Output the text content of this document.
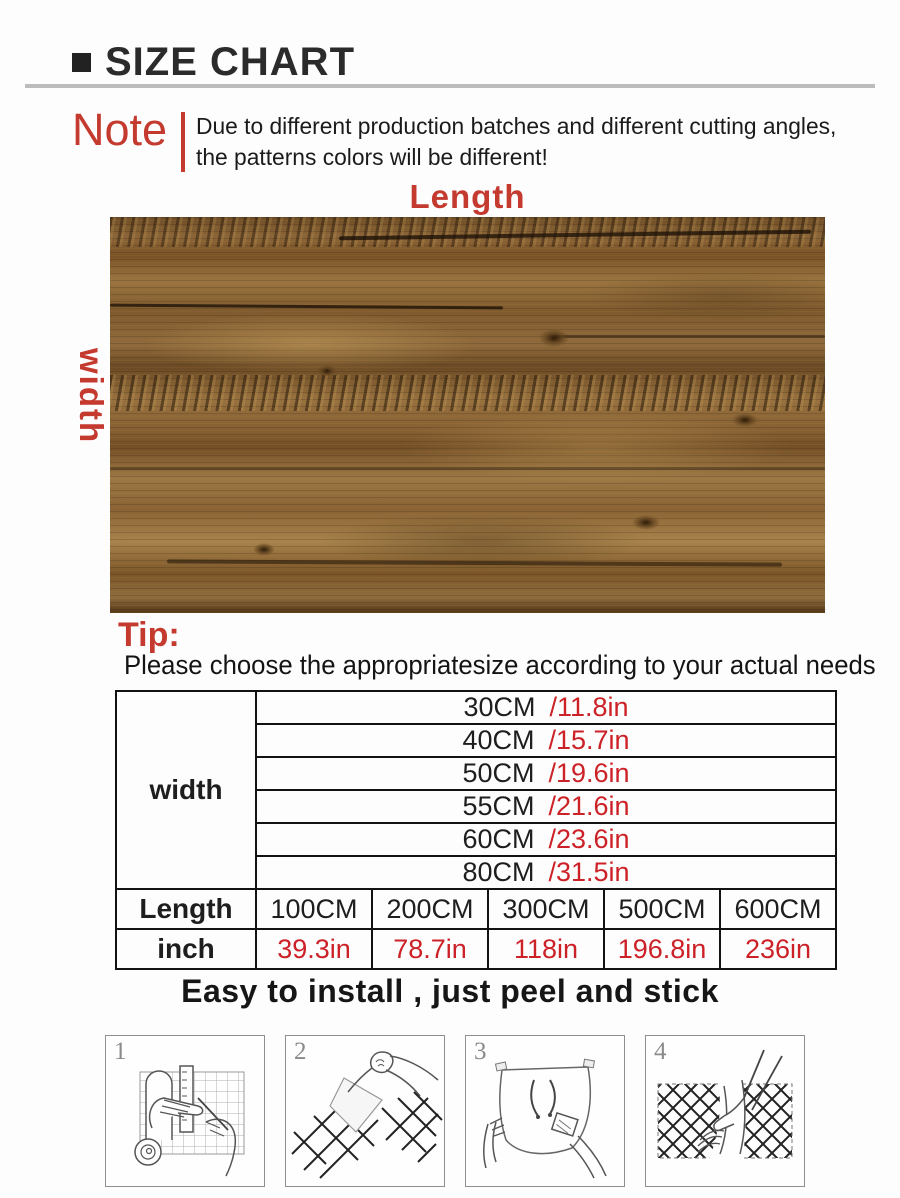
SIZE CHART
Note Due to different production batches and different cutting angles,
the patterns colors will be different!
Length
width
Tip:
Please choose the appropriatesize according to your actual needs
width	30CM /11.8in				
	40CM /15.7in				
	50CM /19.6in				
	55CM /21.6in				
	60CM /23.6in				
	80CM /31.5in				
Length	100CM	200CM	300CM	500CM	600CM
inch	39.3in	78.7in	118in	196.8in	236in
Easy to install , just peel and stick
1	2	3	4
